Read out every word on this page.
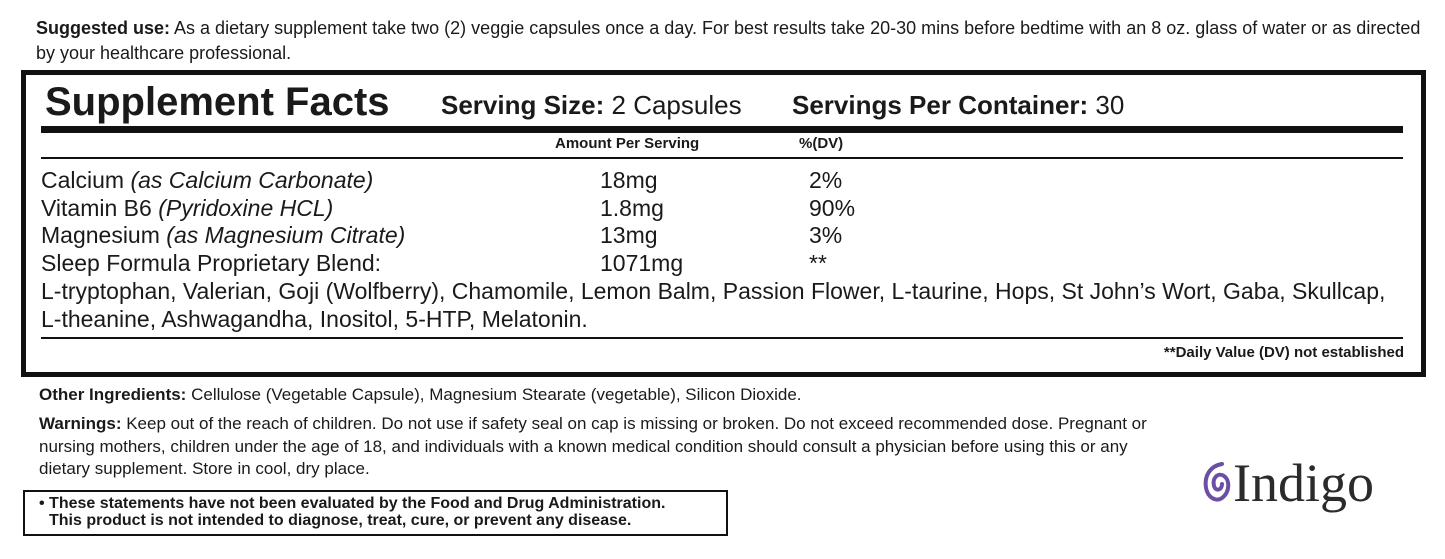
Suggested use: As a dietary supplement take two (2) veggie capsules once a day. For best results take 20-30 mins before bedtime with an 8 oz. glass of water or as directed by your healthcare professional.
Supplement Facts Serving Size: 2 Capsules Servings Per Container: 30
Amount Per Serving	%(DV)
Calcium (as Calcium Carbonate)	18mg	2%
Vitamin B6 (Pyridoxine HCL)	1.8mg	90%
Magnesium (as Magnesium Citrate)	13mg	3%
Sleep Formula Proprietary Blend:	1071mg	**
L-tryptophan, Valerian, Goji (Wolfberry), Chamomile, Lemon Balm, Passion Flower, L-taurine, Hops, St John’s Wort, Gaba, Skullcap, L-theanine, Ashwagandha, Inositol, 5-HTP, Melatonin.
**Daily Value (DV) not established
Other Ingredients: Cellulose (Vegetable Capsule), Magnesium Stearate (vegetable), Silicon Dioxide.
Warnings: Keep out of the reach of children. Do not use if safety seal on cap is missing or broken. Do not exceed recommended dose. Pregnant or nursing mothers, children under the age of 18, and individuals with a known medical condition should consult a physician before using this or any dietary supplement. Store in cool, dry place.
• These statements have not been evaluated by the Food and Drug Administration.
This product is not intended to diagnose, treat, cure, or prevent any disease.
Indigo
